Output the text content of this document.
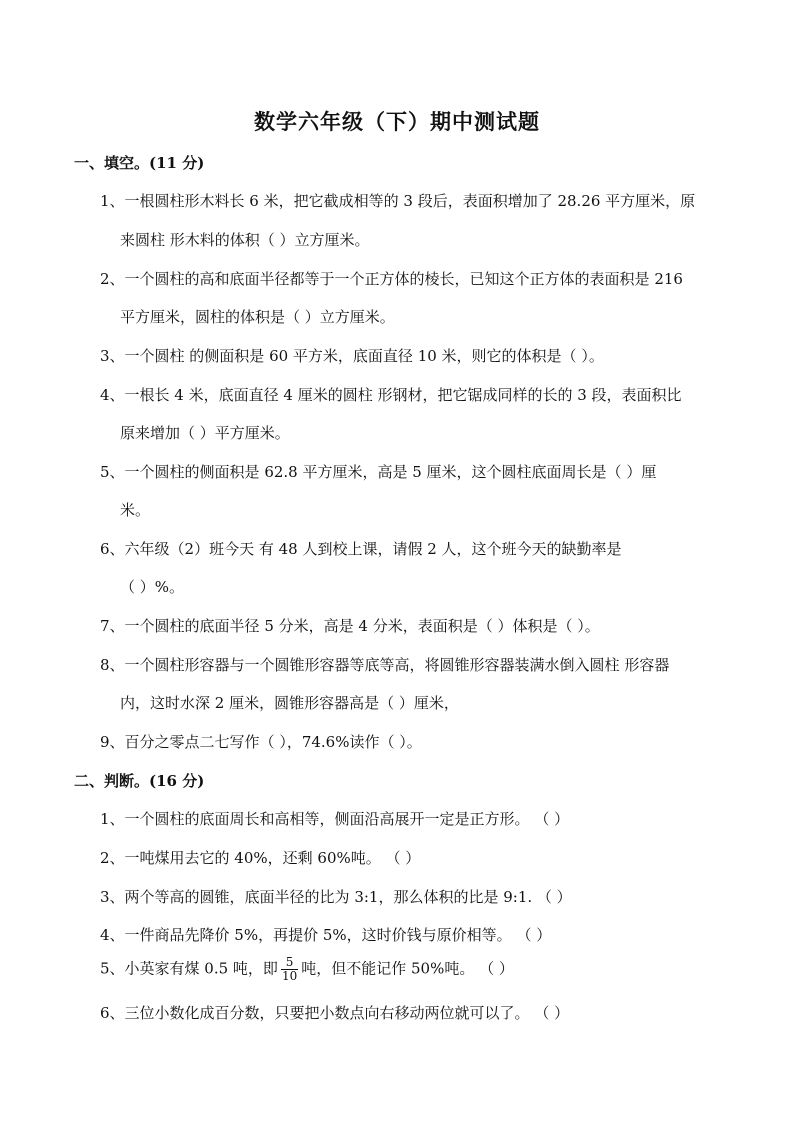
数学六年级（下）期中测试题
一、填空。(11 分)
1、一根圆柱形木料长 6 米，把它截成相等的 3 段后，表面积增加了 28.26 平方厘米，原
来圆柱 形木料的体积（ ）立方厘米。
2、一个圆柱的高和底面半径都等于一个正方体的棱长，已知这个正方体的表面积是 216
平方厘米，圆柱的体积是（ ）立方厘米。
3、一个圆柱 的侧面积是 60 平方米，底面直径 10 米，则它的体积是（ ）。
4、一根长 4 米，底面直径 4 厘米的圆柱 形钢材，把它锯成同样的长的 3 段，表面积比
原来增加（ ）平方厘米。
5、一个圆柱的侧面积是 62.8 平方厘米，高是 5 厘米，这个圆柱底面周长是（ ）厘
米。
6、六年级（2）班今天 有 48 人到校上课，请假 2 人，这个班今天的缺勤率是
（ ）%。
7、一个圆柱的底面半径 5 分米，高是 4 分米，表面积是（ ）体积是（ ）。
8、一个圆柱形容器与一个圆锥形容器等底等高，将圆锥形容器装满水倒入圆柱 形容器
内，这时水深 2 厘米，圆锥形容器高是（ ）厘米，
9、百分之零点二七写作（ ），74.6%读作（ ）。
二、判断。(16 分)
1、一个圆柱的底面周长和高相等，侧面沿高展开一定是正方形。 （ ）
2、一吨煤用去它的 40%，还剩 60%吨。 （ ）
3、两个等高的圆锥，底面半径的比为 3:1，那么体积的比是 9:1. （ ）
4、一件商品先降价 5%，再提价 5%，这时价钱与原价相等。 （ ）
5、小英家有煤 0.5 吨，即 $\frac{5}{10}$ 吨，但不能记作 50%吨。 （ ）
6、三位小数化成百分数，只要把小数点向右移动两位就可以了。 （ ）
